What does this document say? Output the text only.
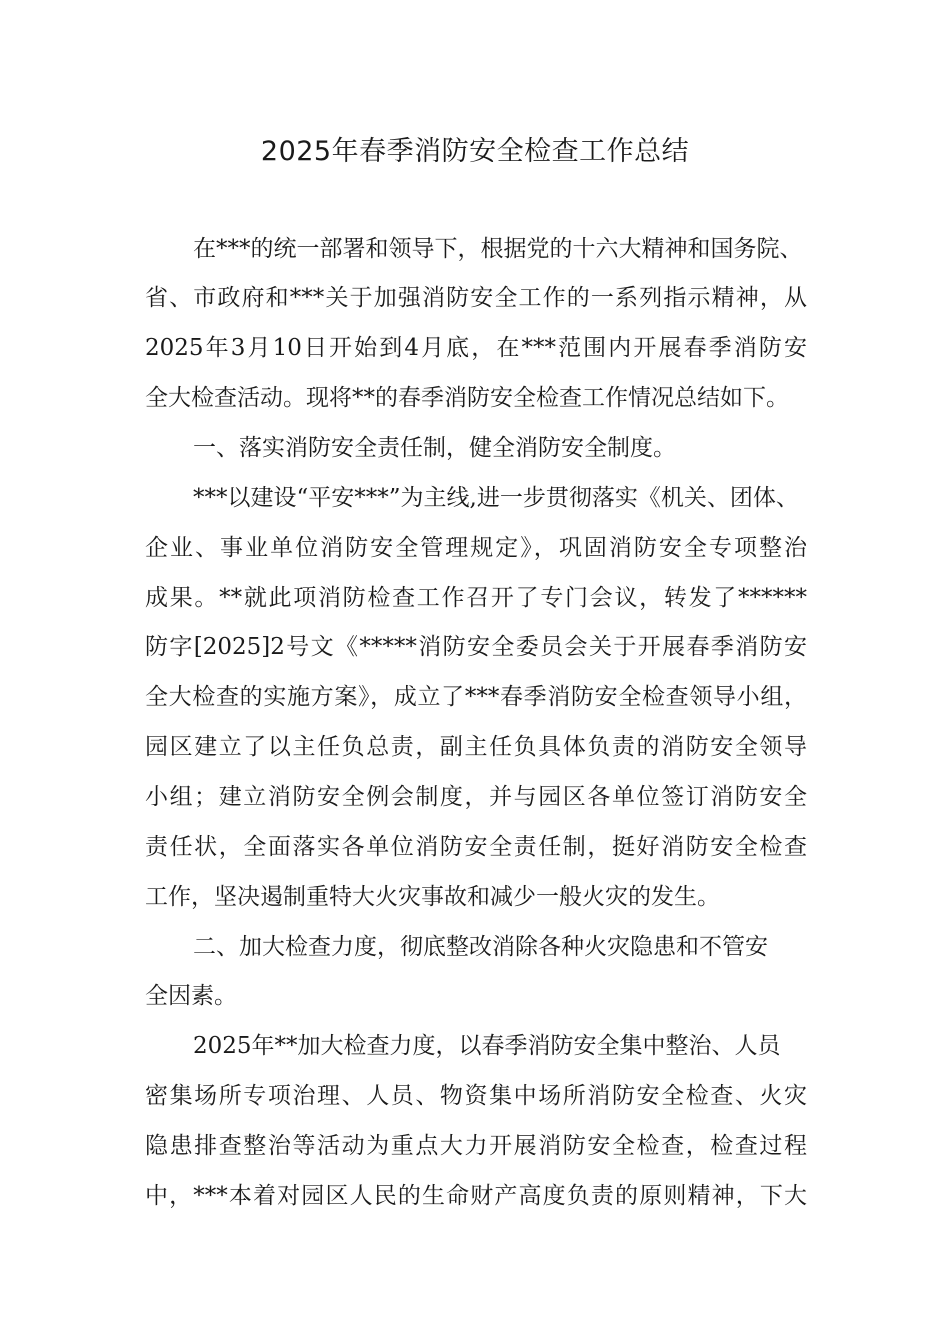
2025年春季消防安全检查工作总结

在***的统一部署和领导下，根据党的十六大精神和国务院、

省、市政府和***关于加强消防安全工作的一系列指示精神，从

2025年3月10日开始到4月底，在***范围内开展春季消防安

全大检查活动。现将**的春季消防安全检查工作情况总结如下。

一、落实消防安全责任制，健全消防安全制度。

***以建设“平安***”为主线,进一步贯彻落实《机关、团体、

企业、事业单位消防安全管理规定》，巩固消防安全专项整治

成果。**就此项消防检查工作召开了专门会议，转发了******

防字[2025]2号文《*****消防安全委员会关于开展春季消防安

全大检查的实施方案》，成立了***春季消防安全检查领导小组，

园区建立了以主任负总责，副主任负具体负责的消防安全领导

小组；建立消防安全例会制度，并与园区各单位签订消防安全

责任状，全面落实各单位消防安全责任制，挺好消防安全检查

工作，坚决遏制重特大火灾事故和减少一般火灾的发生。

二、加大检查力度，彻底整改消除各种火灾隐患和不管安

全因素。

2025年**加大检查力度，以春季消防安全集中整治、人员

密集场所专项治理、人员、物资集中场所消防安全检查、火灾

隐患排查整治等活动为重点大力开展消防安全检查，检查过程

中，***本着对园区人民的生命财产高度负责的原则精神，下大
